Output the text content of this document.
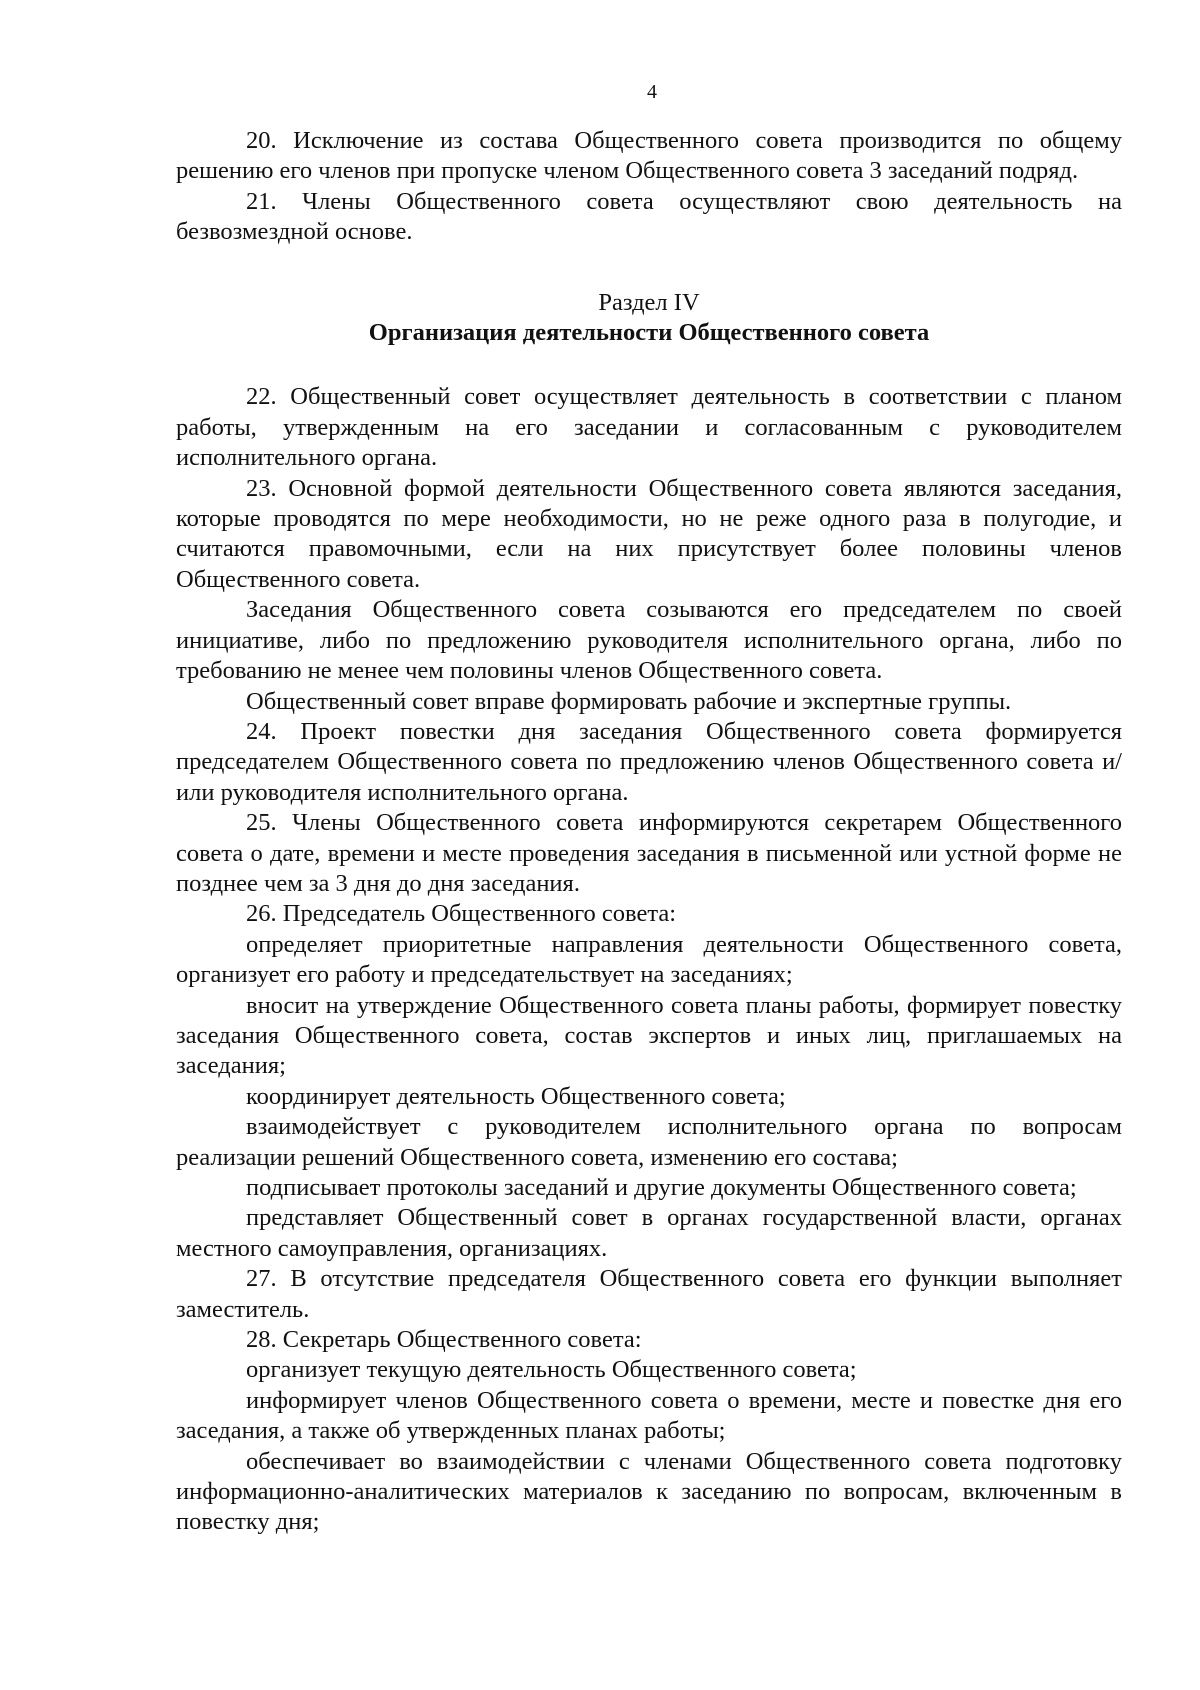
4

20. Исключение из состава Общественного совета производится по общему решению его членов при пропуске членом Общественного совета 3 заседаний подряд.

21. Члены Общественного совета осуществляют свою деятельность на безвозмездной основе.

Раздел IV
Организация деятельности Общественного совета

22. Общественный совет осуществляет деятельность в соответствии с планом работы, утвержденным на его заседании и согласованным с руководителем исполнительного органа.

23. Основной формой деятельности Общественного совета являются заседания, которые проводятся по мере необходимости, но не реже одного раза в полугодие, и считаются правомочными, если на них присутствует более половины членов Общественного совета.

Заседания Общественного совета созываются его председателем по своей инициативе, либо по предложению руководителя исполнительного органа, либо по требованию не менее чем половины членов Общественного совета.

Общественный совет вправе формировать рабочие и экспертные группы.

24. Проект повестки дня заседания Общественного совета формируется председателем Общественного совета по предложению членов Общественного совета и/или руководителя исполнительного органа.

25. Члены Общественного совета информируются секретарем Общественного совета о дате, времени и месте проведения заседания в письменной или устной форме не позднее чем за 3 дня до дня заседания.

26. Председатель Общественного совета:

определяет приоритетные направления деятельности Общественного совета, организует его работу и председательствует на заседаниях;

вносит на утверждение Общественного совета планы работы, формирует повестку заседания Общественного совета, состав экспертов и иных лиц, приглашаемых на заседания;

координирует деятельность Общественного совета;

взаимодействует с руководителем исполнительного органа по вопросам реализации решений Общественного совета, изменению его состава;

подписывает протоколы заседаний и другие документы Общественного совета;

представляет Общественный совет в органах государственной власти, органах местного самоуправления, организациях.

27. В отсутствие председателя Общественного совета его функции выполняет заместитель.

28. Секретарь Общественного совета:

организует текущую деятельность Общественного совета;

информирует членов Общественного совета о времени, месте и повестке дня его заседания, а также об утвержденных планах работы;

обеспечивает во взаимодействии с членами Общественного совета подготовку информационно-аналитических материалов к заседанию по вопросам, включенным в повестку дня;
